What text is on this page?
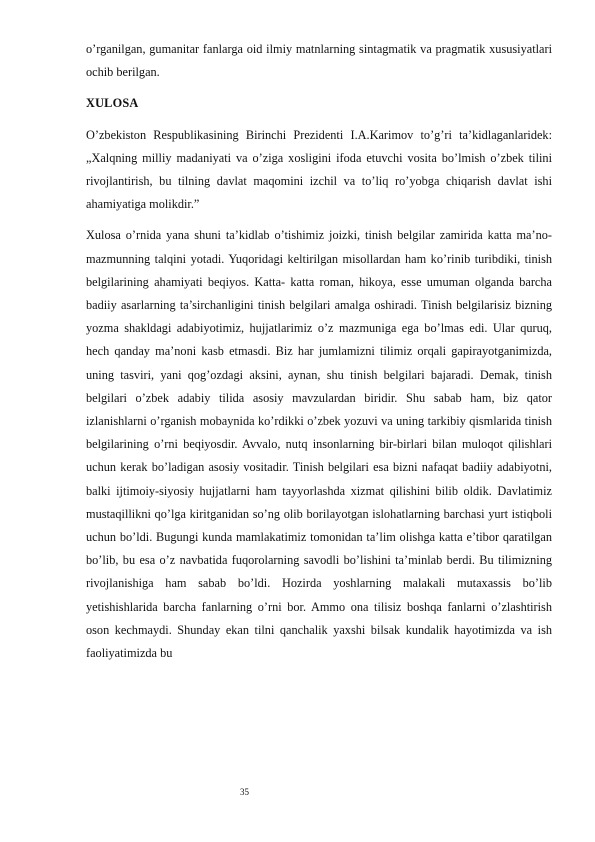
o’rganilgan, gumanitar fanlarga oid ilmiy matnlarning sintagmatik va pragmatik xususiyatlari ochib berilgan.

XULOSA

O’zbekiston Respublikasining Birinchi Prezidenti I.A.Karimov to’g’ri ta’kidlaganlaridek: „Xalqning milliy madaniyati va o’ziga xosligini ifoda etuvchi vosita bo’lmish o’zbek tilini rivojlantirish, bu tilning davlat maqomini izchil va to’liq ro’yobga chiqarish davlat ishi ahamiyatiga molikdir.”

Xulosa o’rnida yana shuni ta’kidlab o’tishimiz joizki, tinish belgilar zamirida katta ma’no-mazmunning talqini yotadi. Yuqoridagi keltirilgan misollardan ham ko’rinib turibdiki, tinish belgilarining ahamiyati beqiyos. Katta- katta roman, hikoya, esse umuman olganda barcha badiiy asarlarning ta’sirchanligini tinish belgilari amalga oshiradi. Tinish belgilarisiz bizning yozma shakldagi adabiyotimiz, hujjatlarimiz o’z mazmuniga ega bo’lmas edi. Ular quruq, hech qanday ma’noni kasb etmasdi. Biz har jumlamizni tilimiz orqali gapirayotganimizda, uning tasviri, yani qog’ozdagi aksini, aynan, shu tinish belgilari bajaradi. Demak, tinish belgilari o’zbek adabiy tilida asosiy mavzulardan biridir. Shu sabab ham, biz qator izlanishlarni o’rganish mobaynida ko’rdikki o’zbek yozuvi va uning tarkibiy qismlarida tinish belgilarining o’rni beqiyosdir. Avvalo, nutq insonlarning bir-birlari bilan muloqot qilishlari uchun kerak bo’ladigan asosiy vositadir. Tinish belgilari esa bizni nafaqat badiiy adabiyotni, balki ijtimoiy-siyosiy hujjatlarni ham tayyorlashda xizmat qilishini bilib oldik. Davlatimiz mustaqillikni qo’lga kiritganidan so’ng olib borilayotgan islohatlarning barchasi yurt istiqboli uchun bo’ldi. Bugungi kunda mamlakatimiz tomonidan ta’lim olishga katta e’tibor qaratilgan bo’lib, bu esa o’z navbatida fuqorolarning savodli bo’lishini ta’minlab berdi. Bu tilimizning rivojlanishiga ham sabab bo’ldi. Hozirda yoshlarning malakali mutaxassis bo’lib yetishishlarida barcha fanlarning o’rni bor. Ammo ona tilisiz boshqa fanlarni o’zlashtirish oson kechmaydi. Shunday ekan tilni qanchalik yaxshi bilsak kundalik hayotimizda va ish faoliyatimizda bu

35
